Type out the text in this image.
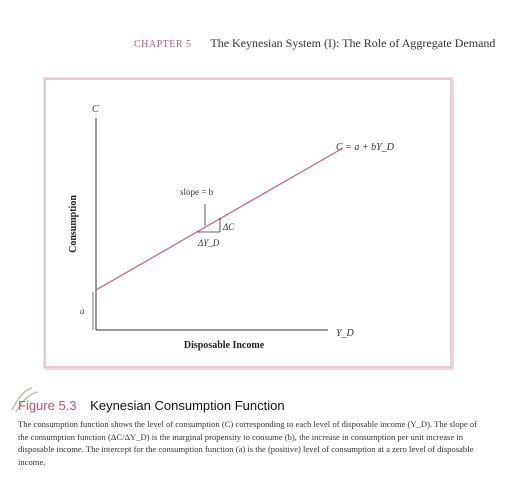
CHAPTER 5 The Keynesian System (I): The Role of Aggregate Demand
C
Consumption
a
Y_D
Disposable Income
C = a + bY_D
slope = b
ΔC
ΔY_D
Figure 5.3 Keynesian Consumption Function
The consumption function shows the level of consumption (C) corresponding to each level of disposable income (Y_D). The slope of the consumption function (ΔC/ΔY_D) is the marginal propensity to consume (b), the increase in consumption per unit increase in disposable income. The intercept for the consumption function (a) is the (positive) level of consumption at a zero level of disposable income.
